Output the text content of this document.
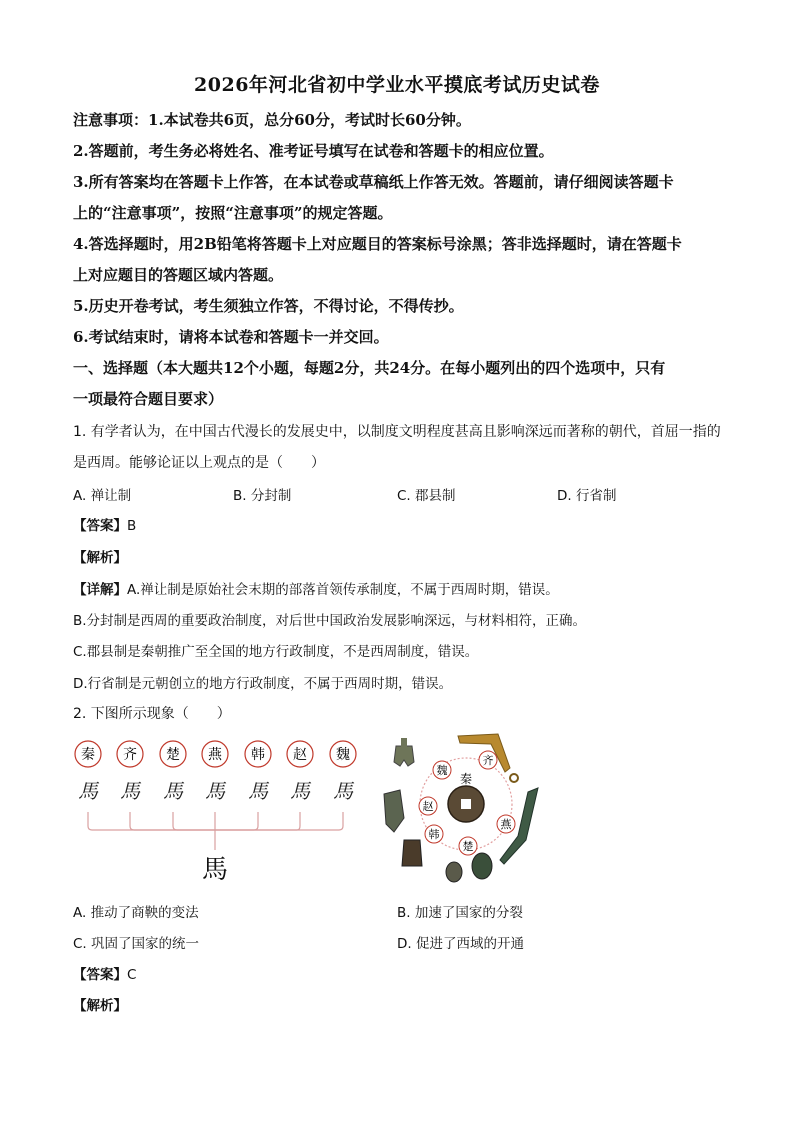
2026年河北省初中学业水平摸底考试历史试卷
注意事项：1.本试卷共6页，总分60分，考试时长60分钟。
2.答题前，考生务必将姓名、准考证号填写在试卷和答题卡的相应位置。
3.所有答案均在答题卡上作答，在本试卷或草稿纸上作答无效。答题前，请仔细阅读答题卡
上的“注意事项”，按照“注意事项”的规定答题。
4.答选择题时，用2B铅笔将答题卡上对应题目的答案标号涂黑；答非选择题时，请在答题卡
上对应题目的答题区域内答题。
5.历史开卷考试，考生须独立作答，不得讨论，不得传抄。
6.考试结束时，请将本试卷和答题卡一并交回。
一、选择题（本大题共12个小题，每题2分，共24分。在每小题列出的四个选项中，只有
一项最符合题目要求）
1. 有学者认为，在中国古代漫长的发展史中，以制度文明程度甚高且影响深远而著称的朝代，首屈一指的
是西周。能够论证以上观点的是（　　）
A. 禅让制	B. 分封制	C. 郡县制	D. 行省制
【答案】B
【解析】
【详解】A.禅让制是原始社会末期的部落首领传承制度，不属于西周时期，错误。
B.分封制是西周的重要政治制度，对后世中国政治发展影响深远，与材料相符，正确。
C.郡县制是秦朝推广至全国的地方行政制度，不是西周制度，错误。
D.行省制是元朝创立的地方行政制度，不属于西周时期，错误。
2. 下图所示现象（　　）
秦 齐 楚 燕 韩 赵 魏
馬 馬 馬 馬 馬 馬 馬
馬
魏
齐
秦
赵
燕
韩
楚
A. 推动了商鞅的变法	B. 加速了国家的分裂
C. 巩固了国家的统一	D. 促进了西域的开通
【答案】C
【解析】
